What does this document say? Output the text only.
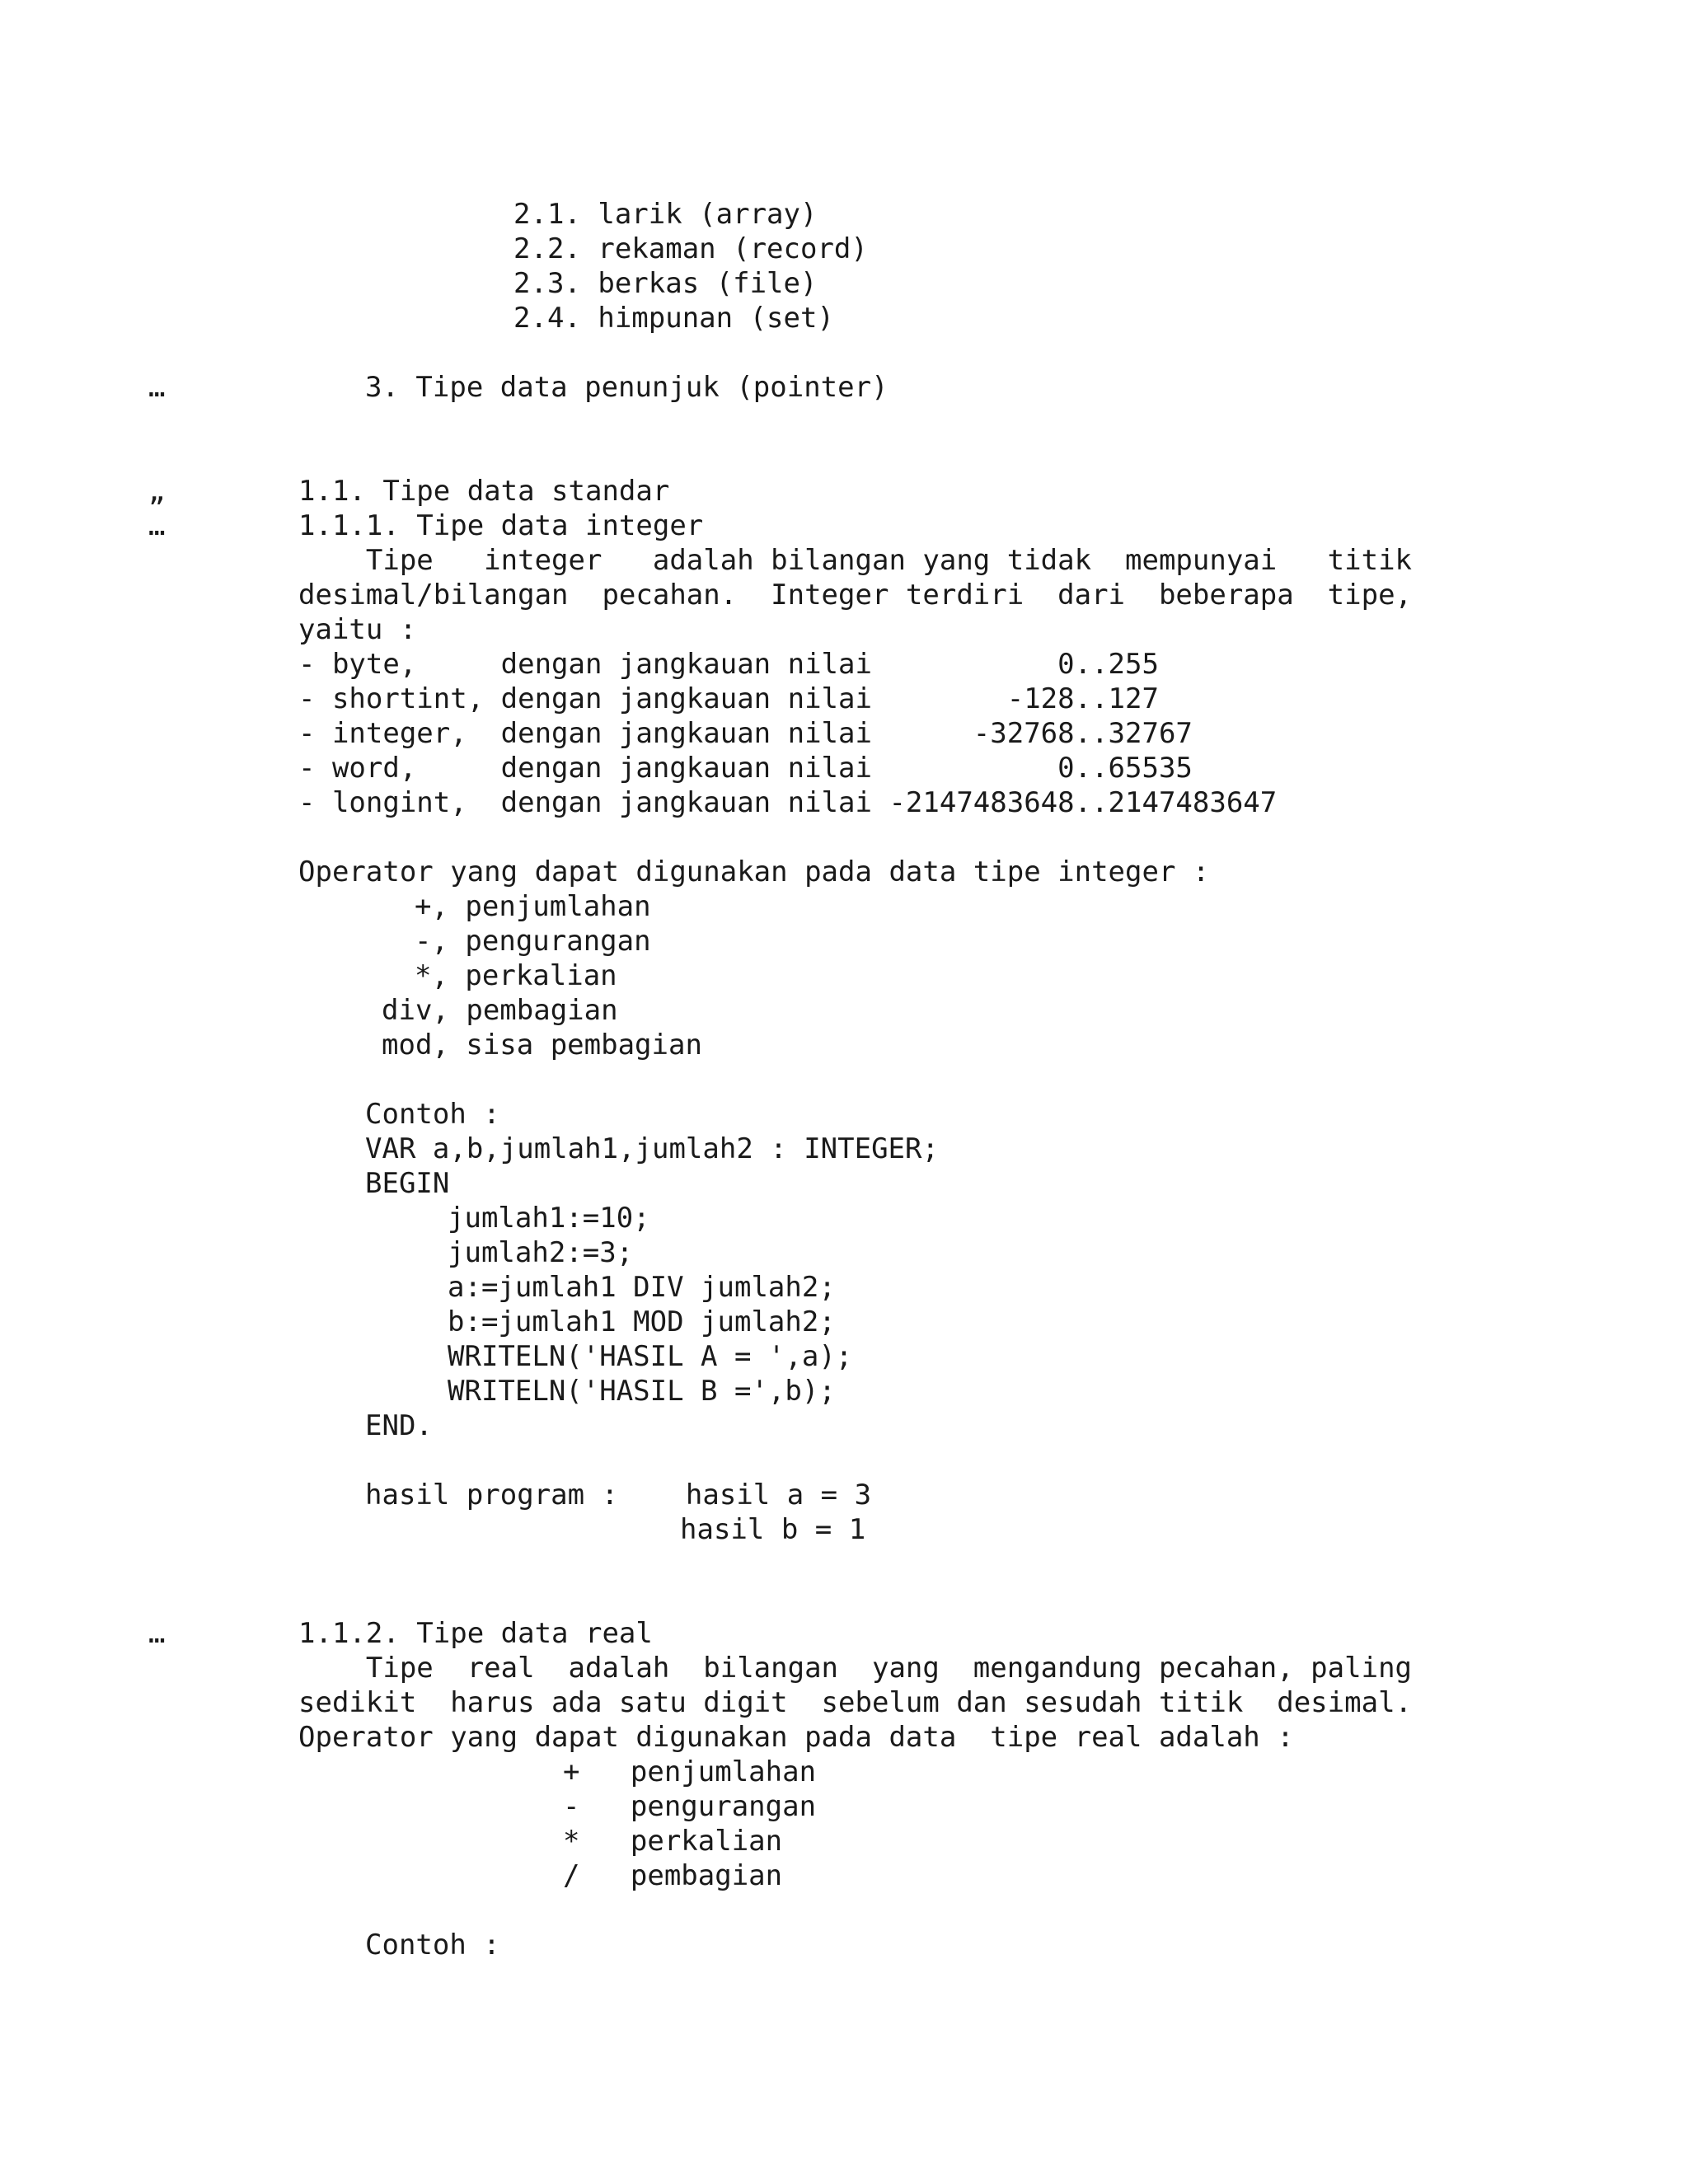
2.1. larik (array)

2.2. rekaman (record)

2.3. berkas (file)

2.4. himpunan (set)

…	3. Tipe data penunjuk (pointer)

„	1.1. Tipe data standar

…	1.1.1. Tipe data integer

Tipe   integer   adalah bilangan yang tidak  mempunyai   titik

desimal/bilangan  pecahan.  Integer terdiri  dari  beberapa  tipe,

yaitu :

- byte,     dengan jangkauan nilai           0..255

- shortint, dengan jangkauan nilai        -128..127

- integer,  dengan jangkauan nilai      -32768..32767

- word,     dengan jangkauan nilai           0..65535

- longint,  dengan jangkauan nilai -2147483648..2147483647

Operator yang dapat digunakan pada data tipe integer :

+, penjumlahan

-, pengurangan

*, perkalian

div, pembagian

mod, sisa pembagian

Contoh :

VAR a,b,jumlah1,jumlah2 : INTEGER;

BEGIN

jumlah1:=10;

jumlah2:=3;

a:=jumlah1 DIV jumlah2;

b:=jumlah1 MOD jumlah2;

WRITELN('HASIL A = ',a);

WRITELN('HASIL B =',b);

END.

hasil program :    hasil a = 3

hasil b = 1

…	1.1.2. Tipe data real

Tipe  real  adalah  bilangan  yang  mengandung pecahan, paling

sedikit  harus ada satu digit  sebelum dan sesudah titik  desimal.

Operator yang dapat digunakan pada data  tipe real adalah :

+   penjumlahan

-   pengurangan

*   perkalian

/   pembagian

Contoh :
